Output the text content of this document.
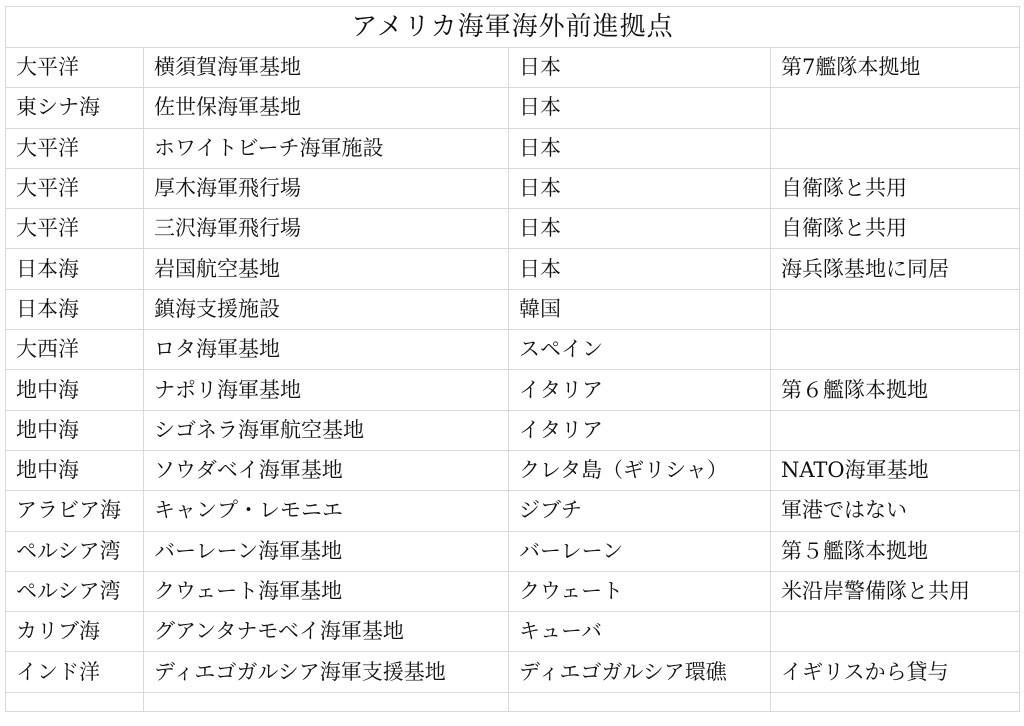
アメリカ海軍海外前進拠点			
大平洋	横須賀海軍基地	日本	第7艦隊本拠地
東シナ海	佐世保海軍基地	日本	
大平洋	ホワイトビーチ海軍施設	日本	
大平洋	厚木海軍飛行場	日本	自衛隊と共用
大平洋	三沢海軍飛行場	日本	自衛隊と共用
日本海	岩国航空基地	日本	海兵隊基地に同居
日本海	鎮海支援施設	韓国	
大西洋	ロタ海軍基地	スペイン	
地中海	ナポリ海軍基地	イタリア	第６艦隊本拠地
地中海	シゴネラ海軍航空基地	イタリア	
地中海	ソウダベイ海軍基地	クレタ島（ギリシャ）	NATO海軍基地
アラビア海	キャンプ・レモニエ	ジブチ	軍港ではない
ペルシア湾	バーレーン海軍基地	バーレーン	第５艦隊本拠地
ペルシア湾	クウェート海軍基地	クウェート	米沿岸警備隊と共用
カリブ海	グアンタナモベイ海軍基地	キューバ	
インド洋	ディエゴガルシア海軍支援基地	ディエゴガルシア環礁	イギリスから貸与
